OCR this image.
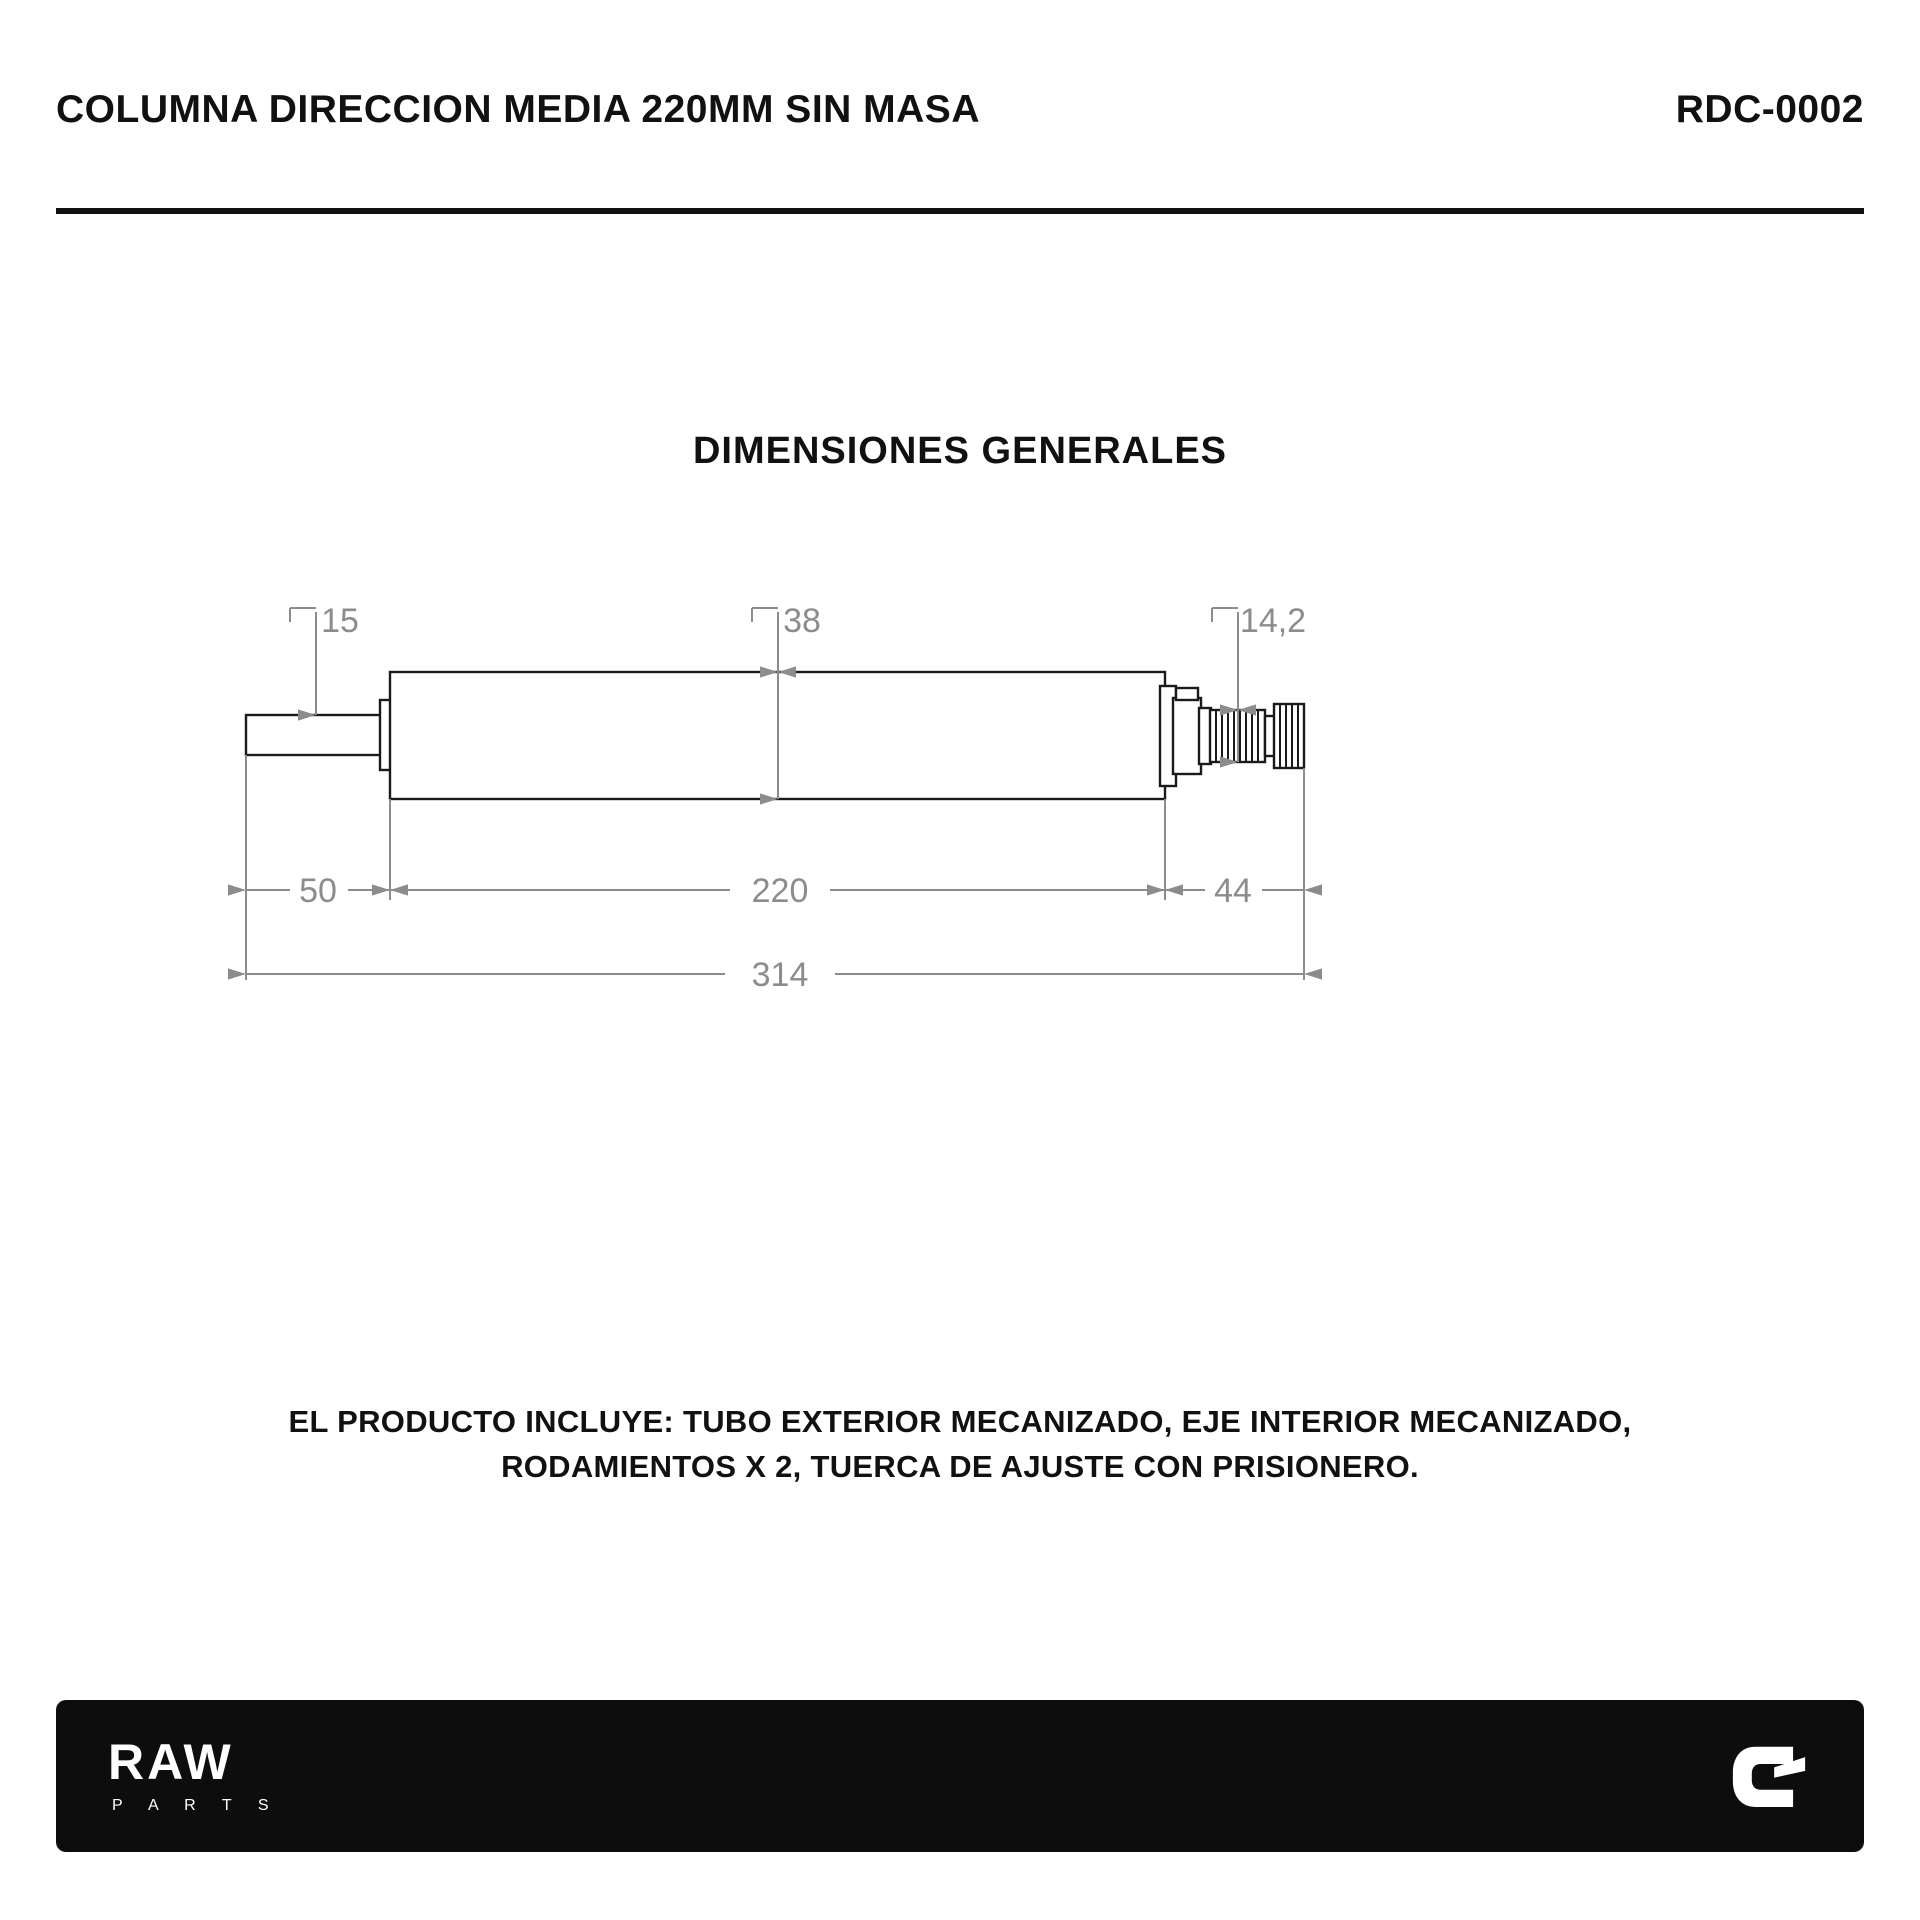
COLUMNA DIRECCION MEDIA 220MM SIN MASA	RDC-0002
DIMENSIONES GENERALES
15	38	14,2
50	220	44
314
EL PRODUCTO INCLUYE: TUBO EXTERIOR MECANIZADO, EJE INTERIOR MECANIZADO,
RODAMIENTOS X 2, TUERCA DE AJUSTE CON PRISIONERO.
RAW
P A R T S
